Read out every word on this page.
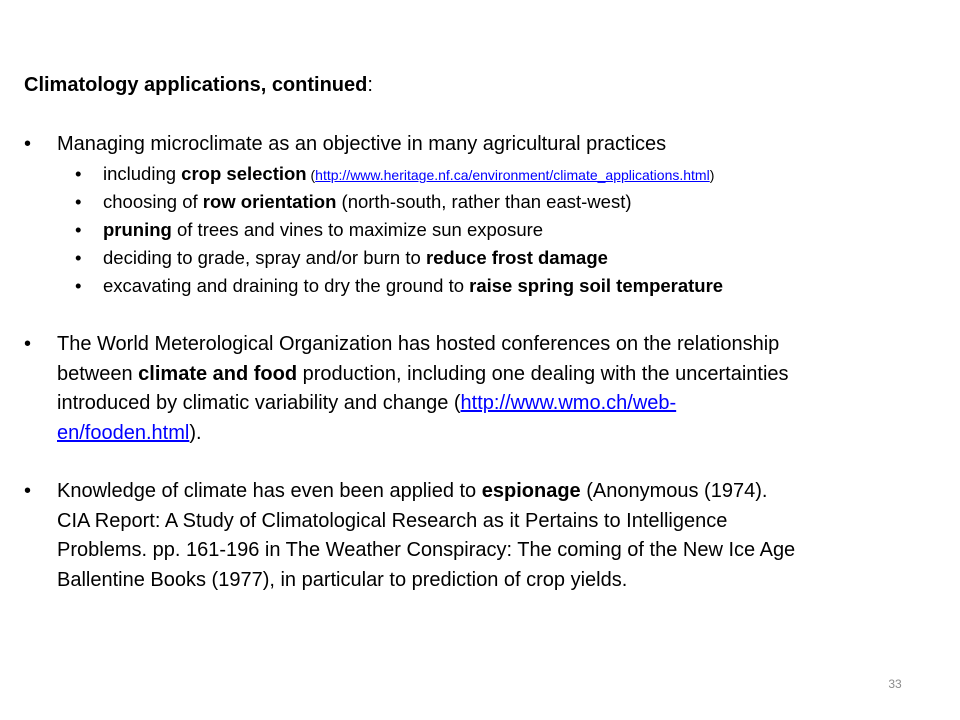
Climatology applications, continued:
•	Managing microclimate as an objective in many agricultural practices
• including crop selection (http://www.heritage.nf.ca/environment/climate_applications.html)
• choosing of row orientation (north-south, rather than east-west)
• pruning of trees and vines to maximize sun exposure
• deciding to grade, spray and/or burn to reduce frost damage
• excavating and draining to dry the ground to raise spring soil temperature
•	The World Meterological Organization has hosted conferences on the relationship
between climate and food production, including one dealing with the uncertainties
introduced by climatic variability and change (http://www.wmo.ch/web-
en/fooden.html).
•	Knowledge of climate has even been applied to espionage (Anonymous (1974).
CIA Report: A Study of Climatological Research as it Pertains to Intelligence
Problems. pp. 161-196 in The Weather Conspiracy: The coming of the New Ice Age
Ballentine Books (1977), in particular to prediction of crop yields.
33
